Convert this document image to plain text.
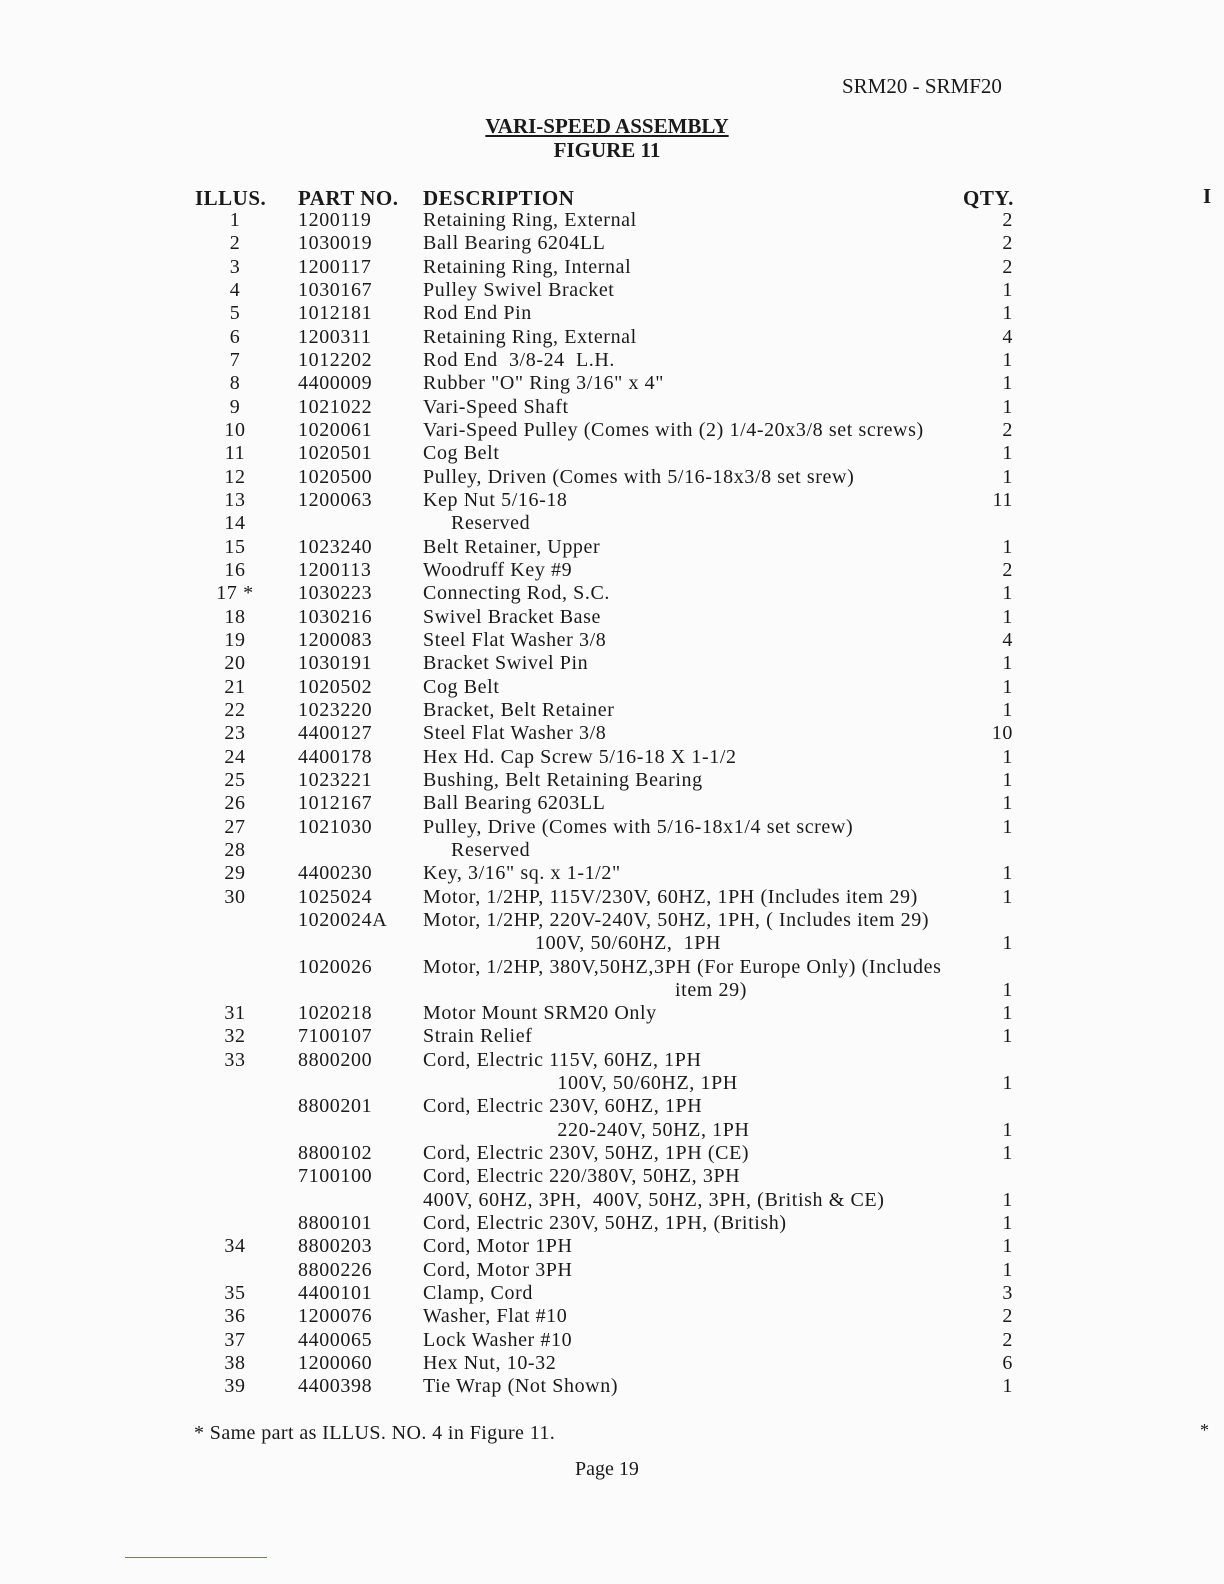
SRM20 - SRMF20
VARI-SPEED ASSEMBLY
FIGURE 11
ILLUS. PART NO. DESCRIPTION	QTY.	I
1	1200119	Retaining Ring, External	2
2	1030019	Ball Bearing 6204LL	2
3	1200117	Retaining Ring, Internal	2
4	1030167	Pulley Swivel Bracket	1
5	1012181	Rod End Pin	1
6	1200311	Retaining Ring, External	4
7	1012202	Rod End  3/8-24  L.H.	1
8	4400009	Rubber "O" Ring 3/16" x 4"	1
9	1021022	Vari-Speed Shaft	1
10	1020061	Vari-Speed Pulley (Comes with (2) 1/4-20x3/8 set screws)	2
11	1020501	Cog Belt	1
12	1020500	Pulley, Driven (Comes with 5/16-18x3/8 set srew)	1
13	1200063	Kep Nut 5/16-18	11
14	Reserved
15	1023240	Belt Retainer, Upper	1
16	1200113	Woodruff Key #9	2
17 *	1030223	Connecting Rod, S.C.	1
18	1030216	Swivel Bracket Base	1
19	1200083	Steel Flat Washer 3/8	4
20	1030191	Bracket Swivel Pin	1
21	1020502	Cog Belt	1
22	1023220	Bracket, Belt Retainer	1
23	4400127	Steel Flat Washer 3/8	10
24	4400178	Hex Hd. Cap Screw 5/16-18 X 1-1/2	1
25	1023221	Bushing, Belt Retaining Bearing	1
26	1012167	Ball Bearing 6203LL	1
27	1021030	Pulley, Drive (Comes with 5/16-18x1/4 set screw)	1
28	Reserved
29	4400230	Key, 3/16" sq. x 1-1/2"	1
30	1025024	Motor, 1/2HP, 115V/230V, 60HZ, 1PH (Includes item 29)	1
1020024A Motor, 1/2HP, 220V-240V, 50HZ, 1PH, ( Includes item 29)
100V, 50/60HZ,  1PH	1
1020026	Motor, 1/2HP, 380V,50HZ,3PH (For Europe Only) (Includes
item 29)	1
31	1020218	Motor Mount SRM20 Only	1
32	7100107	Strain Relief	1
33	8800200	Cord, Electric 115V, 60HZ, 1PH
100V, 50/60HZ, 1PH	1
8800201	Cord, Electric 230V, 60HZ, 1PH
220-240V, 50HZ, 1PH	1
8800102	Cord, Electric 230V, 50HZ, 1PH (CE)	1
7100100	Cord, Electric 220/380V, 50HZ, 3PH
400V, 60HZ, 3PH,  400V, 50HZ, 3PH, (British & CE)	1
8800101	Cord, Electric 230V, 50HZ, 1PH, (British)	1
34	8800203	Cord, Motor 1PH	1
8800226	Cord, Motor 3PH	1
35	4400101	Clamp, Cord	3
36	1200076	Washer, Flat #10	2
37	4400065	Lock Washer #10	2
38	1200060	Hex Nut, 10-32	6
39	4400398	Tie Wrap (Not Shown)	1
* Same part as ILLUS. NO. 4 in Figure 11.
Page 19
*
